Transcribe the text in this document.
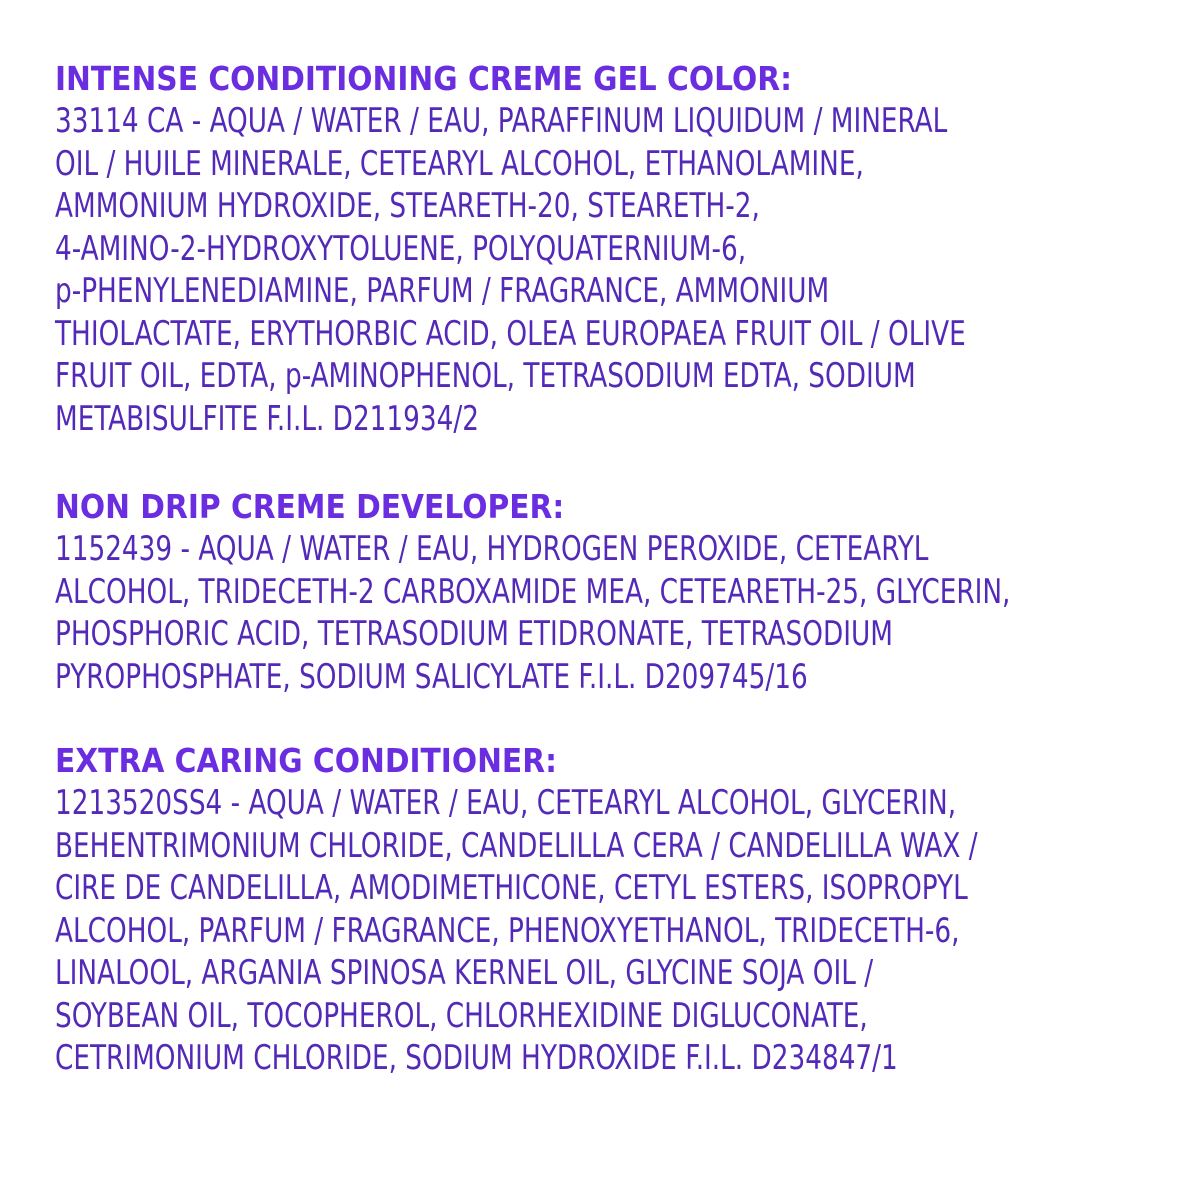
INTENSE CONDITIONING CREME GEL COLOR:
33114 CA - AQUA / WATER / EAU, PARAFFINUM LIQUIDUM / MINERAL
OIL / HUILE MINERALE, CETEARYL ALCOHOL, ETHANOLAMINE,
AMMONIUM HYDROXIDE, STEARETH-20, STEARETH-2,
4-AMINO-2-HYDROXYTOLUENE, POLYQUATERNIUM-6,
p-PHENYLENEDIAMINE, PARFUM / FRAGRANCE, AMMONIUM
THIOLACTATE, ERYTHORBIC ACID, OLEA EUROPAEA FRUIT OIL / OLIVE
FRUIT OIL, EDTA, p-AMINOPHENOL, TETRASODIUM EDTA, SODIUM
METABISULFITE F.I.L. D211934/2
NON DRIP CREME DEVELOPER:
1152439 - AQUA / WATER / EAU, HYDROGEN PEROXIDE, CETEARYL
ALCOHOL, TRIDECETH-2 CARBOXAMIDE MEA, CETEARETH-25, GLYCERIN,
PHOSPHORIC ACID, TETRASODIUM ETIDRONATE, TETRASODIUM
PYROPHOSPHATE, SODIUM SALICYLATE F.I.L. D209745/16
EXTRA CARING CONDITIONER:
1213520SS4 - AQUA / WATER / EAU, CETEARYL ALCOHOL, GLYCERIN,
BEHENTRIMONIUM CHLORIDE, CANDELILLA CERA / CANDELILLA WAX /
CIRE DE CANDELILLA, AMODIMETHICONE, CETYL ESTERS, ISOPROPYL
ALCOHOL, PARFUM / FRAGRANCE, PHENOXYETHANOL, TRIDECETH-6,
LINALOOL, ARGANIA SPINOSA KERNEL OIL, GLYCINE SOJA OIL /
SOYBEAN OIL, TOCOPHEROL, CHLORHEXIDINE DIGLUCONATE,
CETRIMONIUM CHLORIDE, SODIUM HYDROXIDE F.I.L. D234847/1
